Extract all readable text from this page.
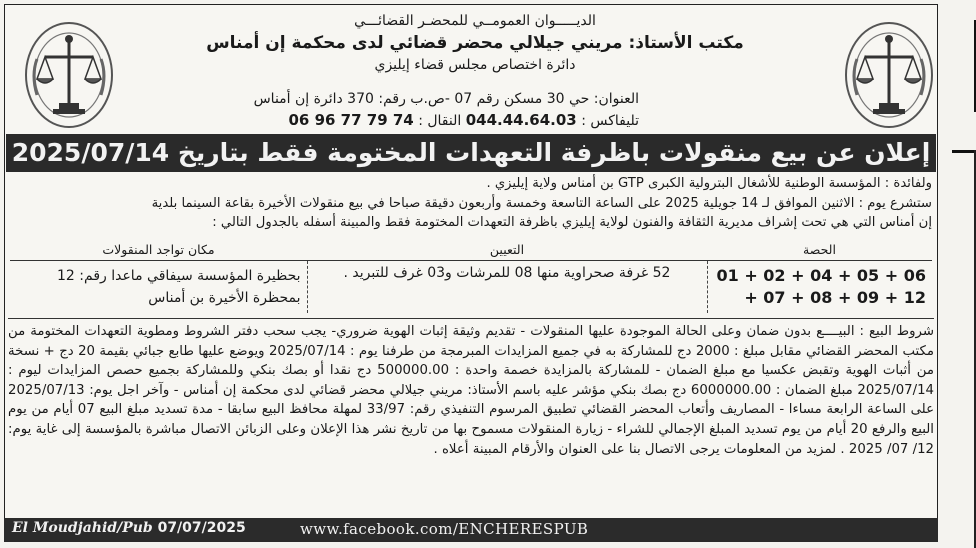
الديـــــوان العمومــي للمحضـر القضائـــي
مكتب الأستاذ: مريني جيلالي محضر قضائي لدى محكمة إن أمناس
دائرة اختصاص مجلس قضاء إيليزي
العنوان: حي 30 مسكن رقم 07 -ص.ب رقم: 370 دائرة إن أمناس
تليفاكس : 044.44.64.03 النقال : 06 96 77 79 74
إعلان عن بيع منقولات باظرفة التعهدات المختومة فقط بتاريخ 2025/07/14
ولفائدة : المؤسسة الوطنية للأشغال البترولية الكبرى GTP بن أمناس ولاية إيليزي .
ستشرع يوم : الاثنين الموافق لـ 14 جويلية 2025 على الساعة التاسعة وخمسة وأربعون دقيقة صباحا في بيع منقولات الأخيرة بقاعة السينما بلدية
إن أمناس التي هي تحت إشراف مديرية الثقافة والفنون لولاية إيليزي باظرفة التعهدات المختومة فقط والمبينة أسفله بالجدول التالي :
الحصة	التعيين	مكان تواجد المنقولات
01 + 02 + 04 + 05 + 06 + 07 + 08 + 09 + 12	52 غرفة صحراوية منها 08 للمرشات و03 غرف للتبريد .	بحظيرة المؤسسة سيفاقي ماعدا رقم: 12 بمحظرة الأخيرة بن أمناس
شروط البيع : البيــــع بدون ضمان وعلى الحالة الموجودة عليها المنقولات - تقديم وثيقة إثبات الهوية ضروري- يجب سحب دفتر الشروط ومطوية التعهدات المختومة من مكتب المحضر القضائي مقابل مبلغ : 2000 دج للمشاركة به في جميع المزايدات المبرمجة من طرفنا يوم : 2025/07/14 ويوضع عليها طابع جبائي بقيمة 20 دج + نسخة من أثبات الهوية وتقبض عكسيا مع مبلغ الضمان - للمشاركة بالمزايدة خصمة واحدة : 500000.00 دج نقدا أو بصك بنكي وللمشاركة بجميع حصص المزايدات ليوم : 2025/07/14 مبلغ الضمان : 6000000.00 دج بصك بنكي مؤشر عليه باسم الأستاذ: مريني جيلالي محضر قضائي لدى محكمة إن أمناس - وآخر اجل يوم: 2025/07/13 على الساعة الرابعة مساءا - المصاريف وأتعاب المحضر القضائي تطبيق المرسوم التنفيذي رقم: 33/97 لمهلة محافظ البيع سابقا - مدة تسديد مبلغ البيع 07 أيام من يوم البيع والرفع 20 أيام من يوم تسديد المبلغ الإجمالي للشراء - زيارة المنقولات مسموح بها من تاريخ نشر هذا الإعلان وعلى الزبائن الاتصال مباشرة بالمؤسسة إلى غاية يوم: 12/ 07/ 2025 . لمزيد من المعلومات يرجى الاتصال بنا على العنوان والأرقام المبينة أعلاه .
El Moudjahid/Pub 07/07/2025	www.facebook.com/ENCHERESPUB
